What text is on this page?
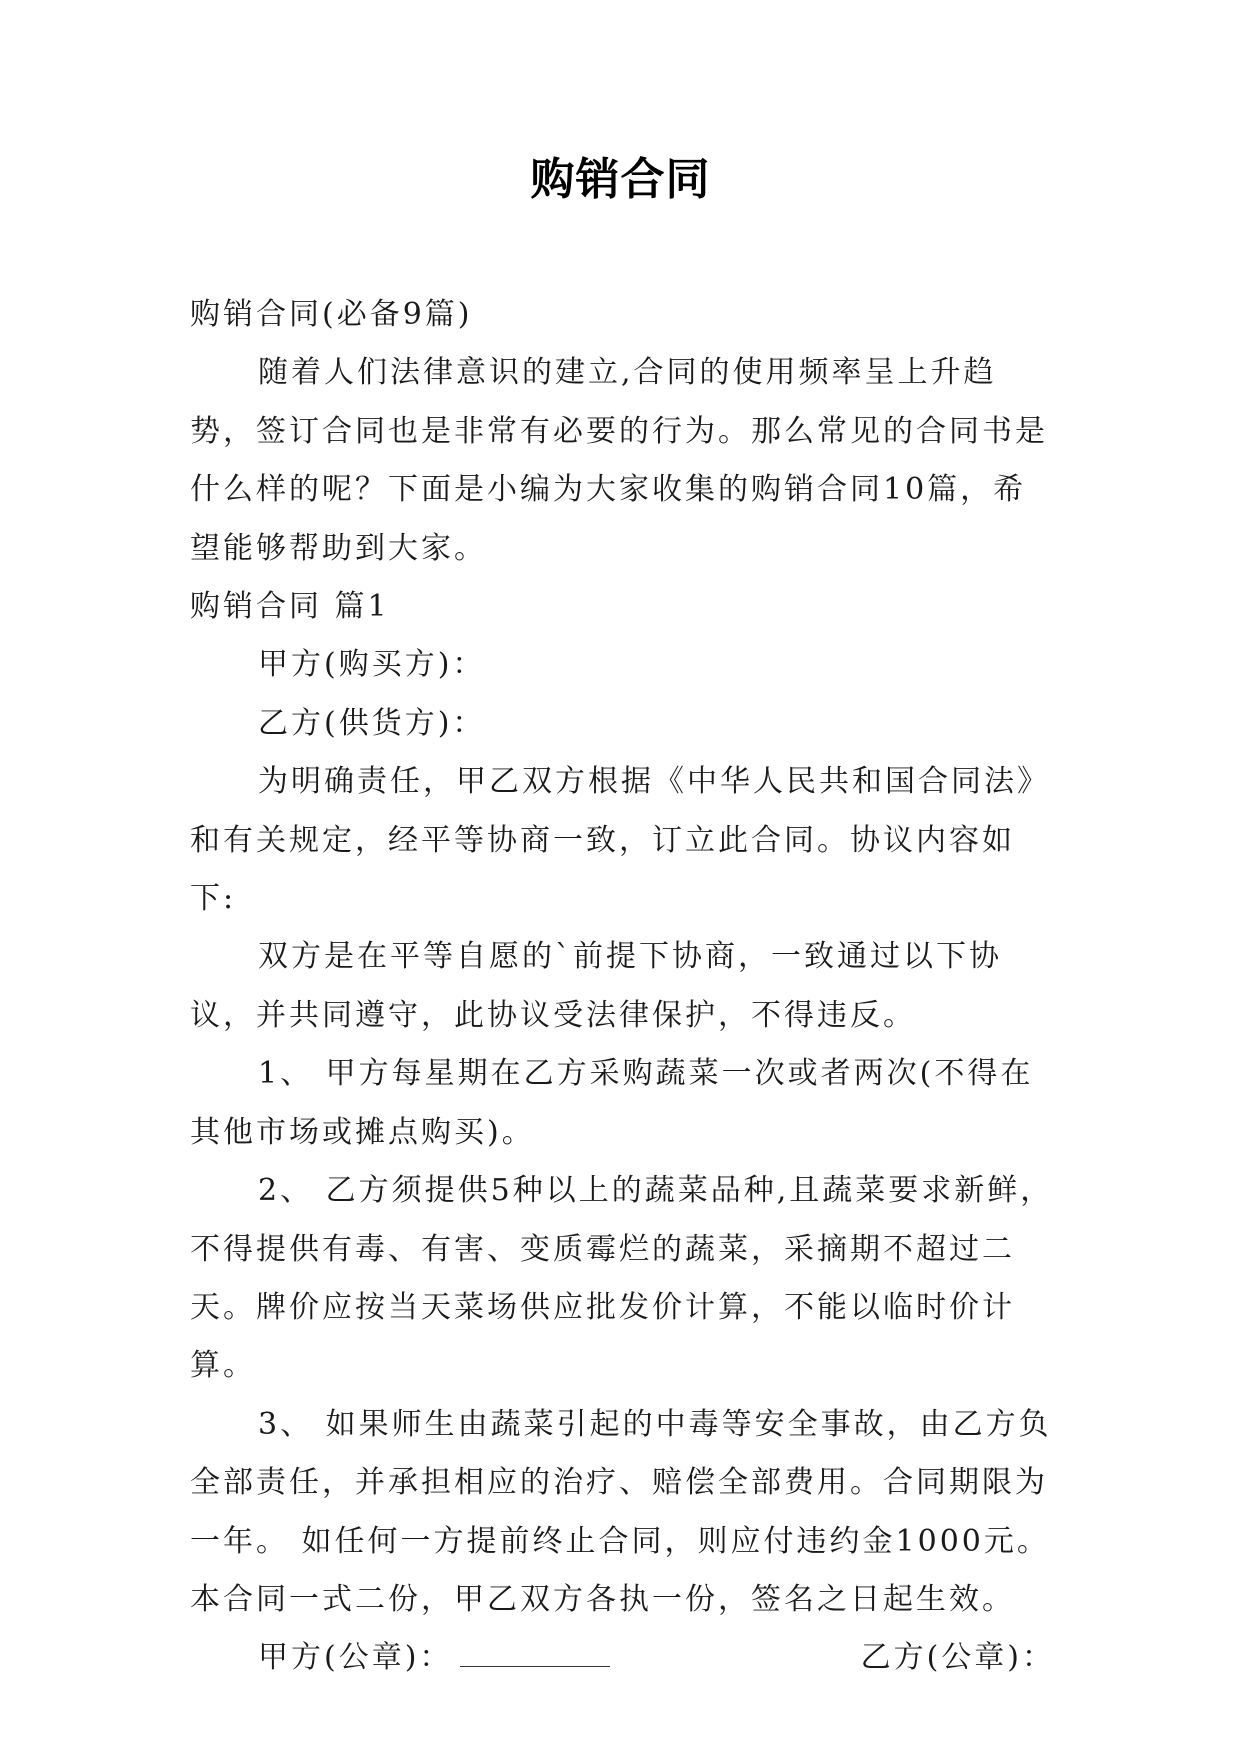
购销合同

购销合同(必备9篇)

随着人们法律意识的建立,合同的使用频率呈上升趋势，签订合同也是非常有必要的行为。那么常见的合同书是什么样的呢？下面是小编为大家收集的购销合同10篇，希望能够帮助到大家。

购销合同 篇1

甲方(购买方)：

乙方(供货方)：

为明确责任，甲乙双方根据《中华人民共和国合同法》和有关规定，经平等协商一致，订立此合同。协议内容如下:

双方是在平等自愿的`前提下协商，一致通过以下协议，并共同遵守，此协议受法律保护，不得违反。

1、 甲方每星期在乙方采购蔬菜一次或者两次(不得在其他市场或摊点购买)。

2、 乙方须提供5种以上的蔬菜品种,且蔬菜要求新鲜，不得提供有毒、有害、变质霉烂的蔬菜，采摘期不超过二天。牌价应按当天菜场供应批发价计算，不能以临时价计算。

3、 如果师生由蔬菜引起的中毒等安全事故，由乙方负全部责任，并承担相应的治疗、赔偿全部费用。合同期限为一年。 如任何一方提前终止合同，则应付违约金1000元。本合同一式二份，甲乙双方各执一份，签名之日起生效。

甲方(公章)：	乙方(公章)：
